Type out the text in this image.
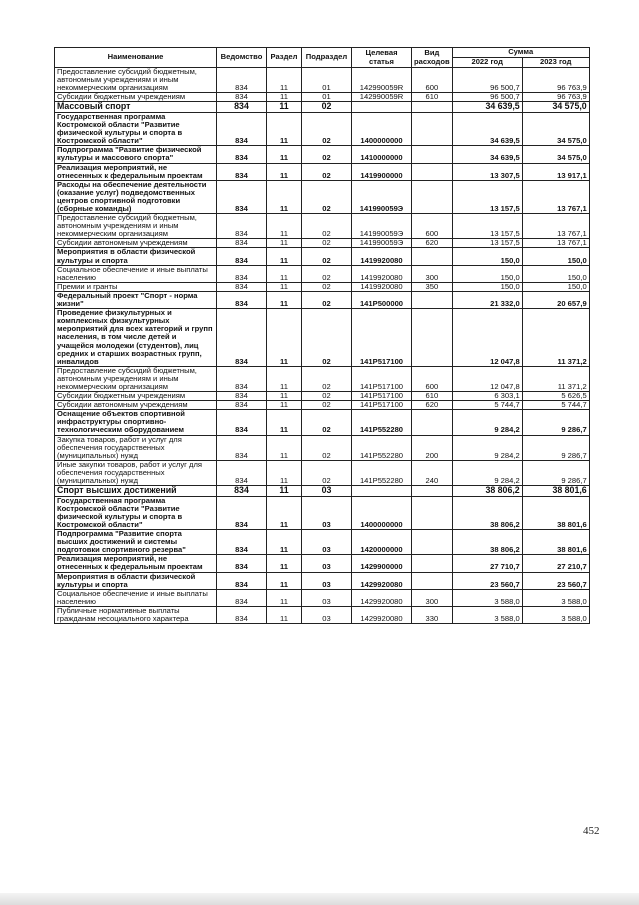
Наименование	Ведомство	Раздел	Подраздел	Целевая статья	Вид расходов	Сумма	
						2022 год	2023 год
Предоставление субсидий бюджетным, автономным учреждениям и иным некоммерческим организациям	834	11	01	142990059R	600	96 500,7	96 763,9
Субсидии бюджетным учреждениям	834	11	01	142990059R	610	96 500,7	96 763,9
Массовый спорт	834	11	02			34 639,5	34 575,0
Государственная программа Костромской области "Развитие физической культуры и спорта в Костромской области"	834	11	02	1400000000		34 639,5	34 575,0
Подпрограмма "Развитие физической культуры и массового спорта"	834	11	02	1410000000		34 639,5	34 575,0
Реализация мероприятий, не отнесенных к федеральным проектам	834	11	02	1419900000		13 307,5	13 917,1
Расходы на обеспечение деятельности (оказание услуг) подведомственных центров спортивной подготовки (сборные команды)	834	11	02	141990059Э		13 157,5	13 767,1
Предоставление субсидий бюджетным, автономным учреждениям и иным некоммерческим организациям	834	11	02	141990059Э	600	13 157,5	13 767,1
Субсидии автономным учреждениям	834	11	02	141990059Э	620	13 157,5	13 767,1
Мероприятия в области физической культуры и спорта	834	11	02	1419920080		150,0	150,0
Социальное обеспечение и иные выплаты населению	834	11	02	1419920080	300	150,0	150,0
Премии и гранты	834	11	02	1419920080	350	150,0	150,0
Федеральный проект "Спорт - норма жизни"	834	11	02	141P500000		21 332,0	20 657,9
Проведение физкультурных и комплексных физкультурных мероприятий для всех категорий и групп населения, в том числе детей и учащейся молодежи (студентов), лиц средних и старших возрастных групп, инвалидов	834	11	02	141P517100		12 047,8	11 371,2
Предоставление субсидий бюджетным, автономным учреждениям и иным некоммерческим организациям	834	11	02	141P517100	600	12 047,8	11 371,2
Субсидии бюджетным учреждениям	834	11	02	141P517100	610	6 303,1	5 626,5
Субсидии автономным учреждениям	834	11	02	141P517100	620	5 744,7	5 744,7
Оснащение объектов спортивной инфраструктуры спортивно-технологическим оборудованием	834	11	02	141P552280		9 284,2	9 286,7
Закупка товаров, работ и услуг для обеспечения государственных (муниципальных) нужд	834	11	02	141P552280	200	9 284,2	9 286,7
Иные закупки товаров, работ и услуг для обеспечения государственных (муниципальных) нужд	834	11	02	141P552280	240	9 284,2	9 286,7
Спорт высших достижений	834	11	03			38 806,2	38 801,6
Государственная программа Костромской области "Развитие физической культуры и спорта в Костромской области"	834	11	03	1400000000		38 806,2	38 801,6
Подпрограмма "Развитие спорта высших достижений и системы подготовки спортивного резерва"	834	11	03	1420000000		38 806,2	38 801,6
Реализация мероприятий, не отнесенных к федеральным проектам	834	11	03	1429900000		27 710,7	27 210,7
Мероприятия в области физической культуры и спорта	834	11	03	1429920080		23 560,7	23 560,7
Социальное обеспечение и иные выплаты населению	834	11	03	1429920080	300	3 588,0	3 588,0
Публичные нормативные выплаты гражданам несоциального характера	834	11	03	1429920080	330	3 588,0	3 588,0
452
